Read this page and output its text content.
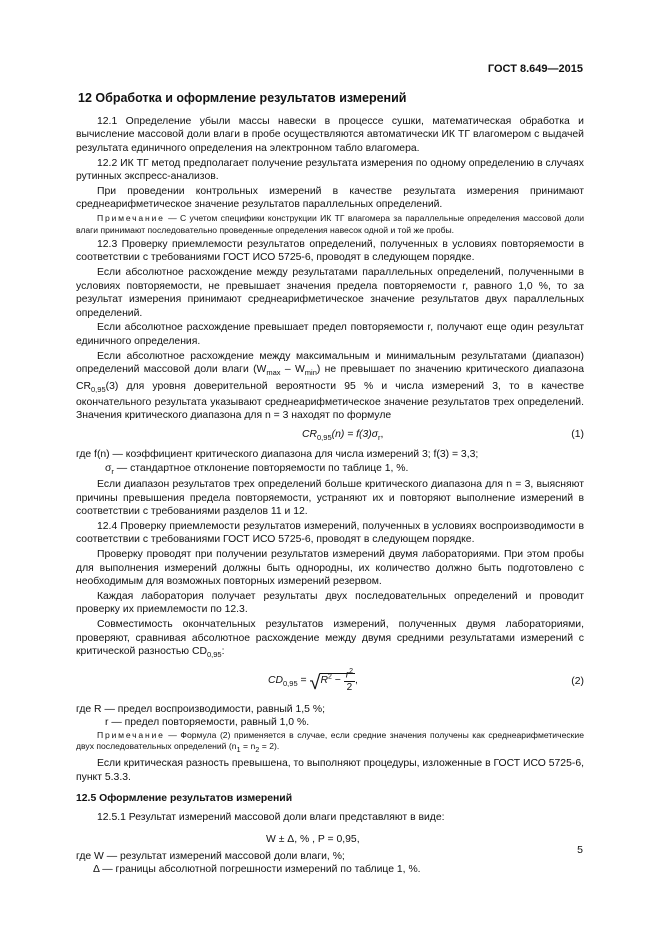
ГОСТ 8.649—2015
12 Обработка и оформление результатов измерений

12.1 Определение убыли массы навески в процессе сушки, математическая обработка и вычисление массовой доли влаги в пробе осуществляются автоматически ИК ТГ влагомером с выдачей результата единичного определения на электронном табло влагомера.

12.2 ИК ТГ метод предполагает получение результата измерения по одному определению в случаях рутинных экспресс-анализов.

При проведении контрольных измерений в качестве результата измерения принимают среднеарифметическое значение результатов параллельных определений.

Примечание — С учетом специфики конструкции ИК ТГ влагомера за параллельные определения массовой доли влаги принимают последовательно проведенные определения навесок одной и той же пробы.

12.3 Проверку приемлемости результатов определений, полученных в условиях повторяемости в соответствии с требованиями ГОСТ ИСО 5725-6, проводят в следующем порядке.

Если абсолютное расхождение между результатами параллельных определений, полученными в условиях повторяемости, не превышает значения предела повторяемости r, равного 1,0 %, то за результат измерения принимают среднеарифметическое значение результатов двух параллельных определений.

Если абсолютное расхождение превышает предел повторяемости r, получают еще один результат единичного определения.

Если абсолютное расхождение между максимальным и минимальным результатами (диапазон) определений массовой доли влаги $(W_{max} - W_{min})$ не превышает по значению критического диапазона $CR_{0,95}(3)$ для уровня доверительной вероятности 95 % и числа измерений 3, то в качестве окончательного результата указывают среднеарифметическое значение результатов трех определений. Значения критического диапазона для n = 3 находят по формуле

$CR_{0,95}(n) = f(3)\sigma_r$,	(1)

где f(n) — коэффициент критического диапазона для числа измерений 3; f(3) = 3,3;

$\sigma_r$ — стандартное отклонение повторяемости по таблице 1, %.

Если диапазон результатов трех определений больше критического диапазона для n = 3, выясняют причины превышения предела повторяемости, устраняют их и повторяют выполнение измерений в соответствии с требованиями разделов 11 и 12.

12.4 Проверку приемлемости результатов измерений, полученных в условиях воспроизводимости в соответствии с требованиями ГОСТ ИСО 5725-6, проводят в следующем порядке.

Проверку проводят при получении результатов измерений двумя лабораториями. При этом пробы для выполнения измерений должны быть однородны, их количество должно быть подготовлено с необходимым для возможных повторных измерений резервом.

Каждая лаборатория получает результаты двух последовательных определений и проводит проверку их приемлемости по 12.3.

Совместимость окончательных результатов измерений, полученных двумя лабораториями, проверяют, сравнивая абсолютное расхождение между двумя средними результатами измерений с критической разностью $CD_{0,95}$:

$CD_{0,95} = √R^2 - \frac{r^2}{2}$ ,	(2)

где R — предел воспроизводимости, равный 1,5 %;

r — предел повторяемости, равный 1,0 %.

Примечание — Формула (2) применяется в случае, если средние значения получены как среднеарифметические двух последовательных определений (n1 = n2 = 2).

Если критическая разность превышена, то выполняют процедуры, изложенные в ГОСТ ИСО 5725-6, пункт 5.3.3.

12.5 Оформление результатов измерений

12.5.1 Результат измерений массовой доли влаги представляют в виде:

W ± Δ, % , P = 0,95,

где W — результат измерений массовой доли влаги, %;

Δ — границы абсолютной погрешности измерений по таблице 1, %.

5
